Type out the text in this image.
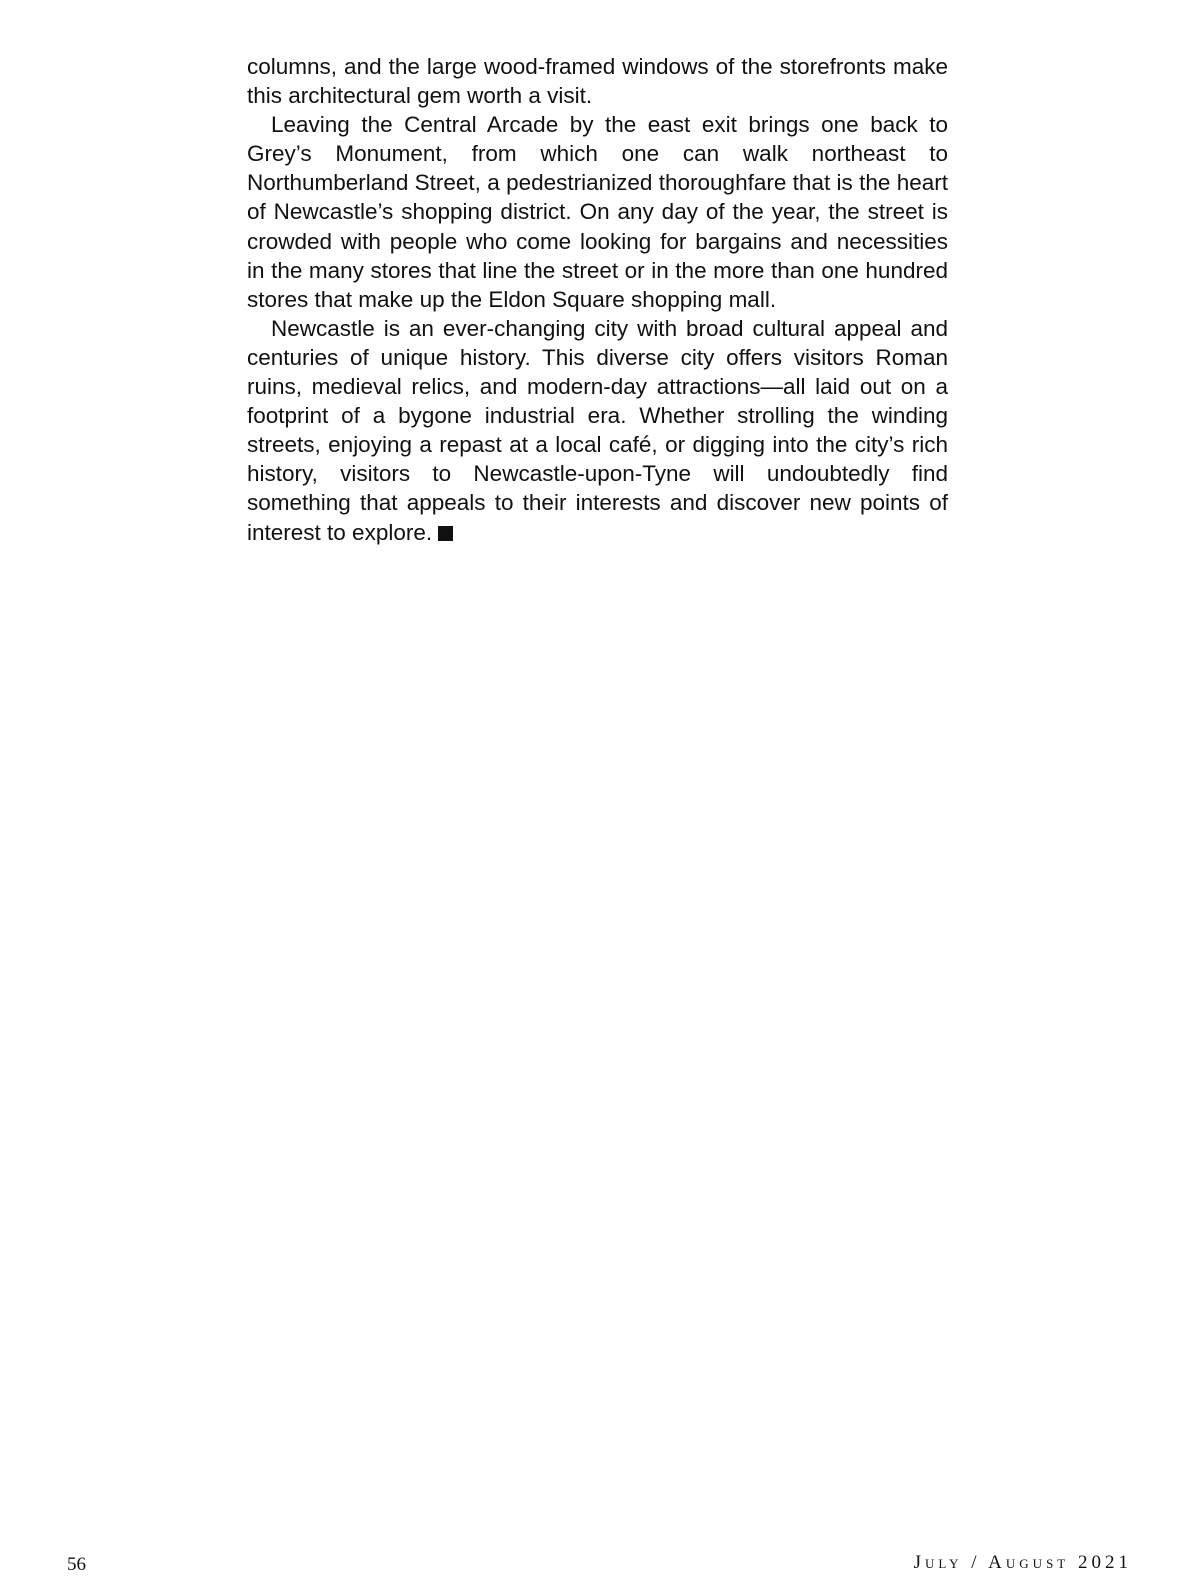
columns, and the large wood-framed windows of the storefronts make this architectural gem worth a visit.

Leaving the Central Arcade by the east exit brings one back to Grey’s Monument, from which one can walk northeast to Northumberland Street, a pedestrianized thoroughfare that is the heart of Newcastle’s shopping district. On any day of the year, the street is crowded with people who come looking for bargains and necessities in the many stores that line the street or in the more than one hundred stores that make up the Eldon Square shopping mall.

Newcastle is an ever-changing city with broad cultural appeal and centuries of unique history. This diverse city offers visitors Roman ruins, medieval relics, and modern-day attractions—all laid out on a footprint of a bygone industrial era. Whether strolling the winding streets, enjoying a repast at a local café, or digging into the city’s rich history, visitors to Newcastle-upon-Tyne will undoubtedly find something that appeals to their interests and discover new points of interest to explore.

56	July / August 2021
